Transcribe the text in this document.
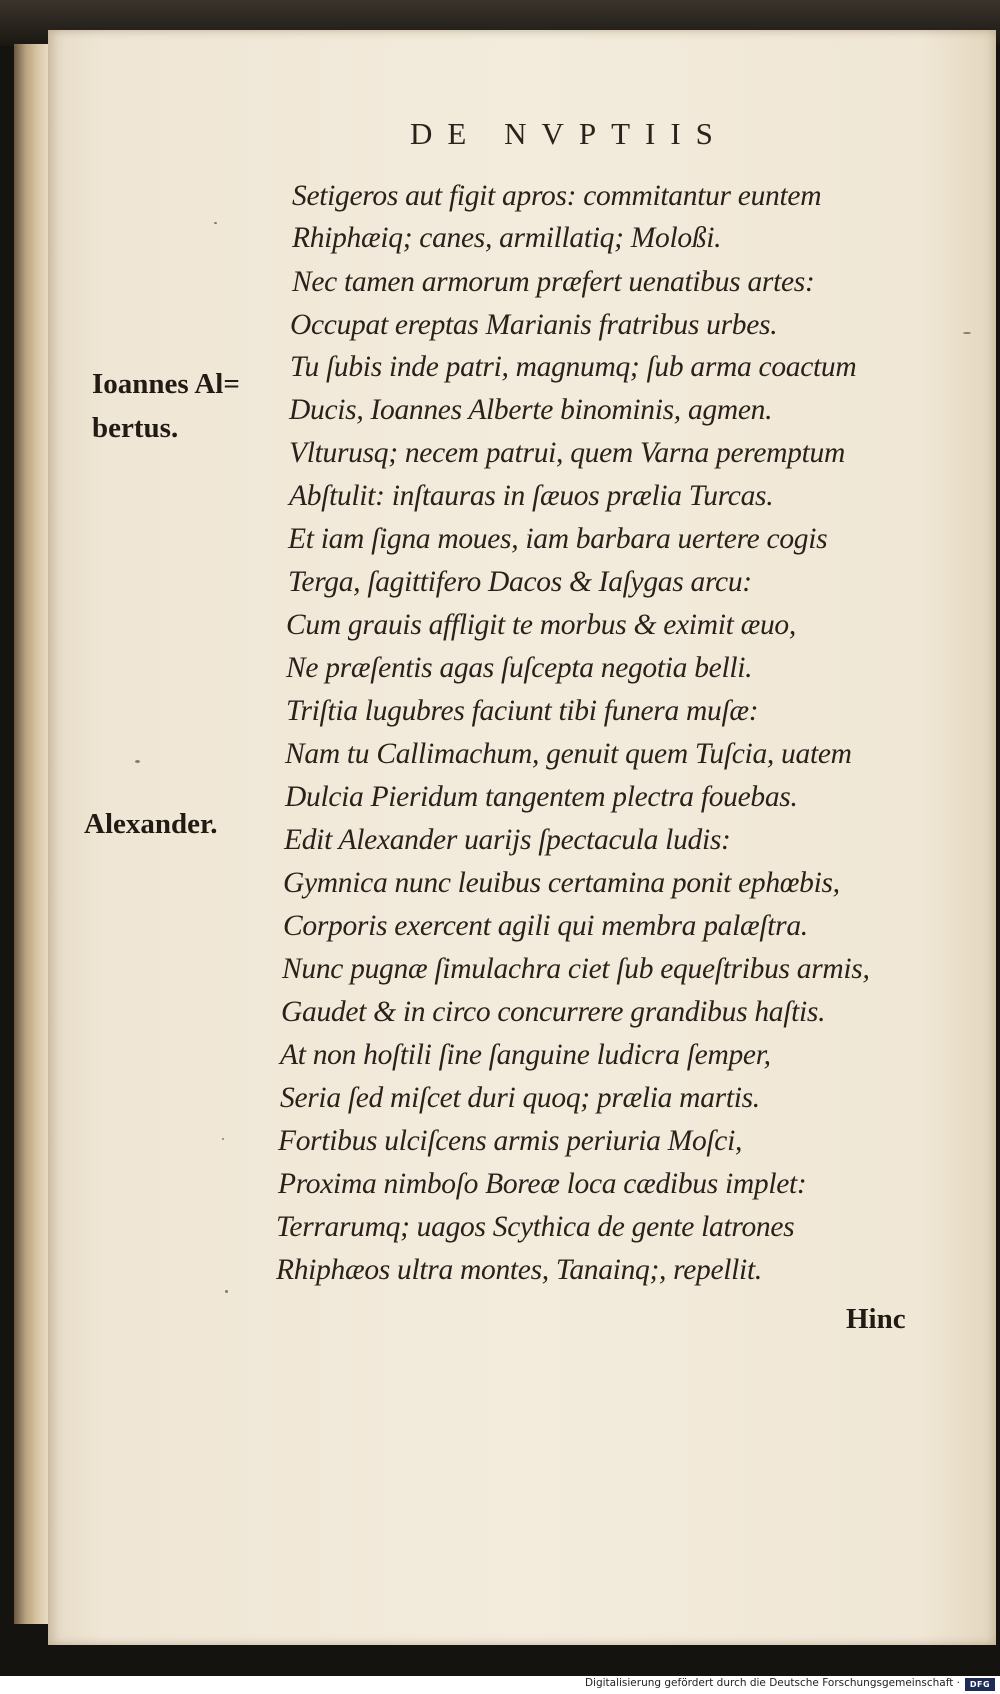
DE NVPTIIS
Setigeros aut figit apros: commitantur euntem
Rhiphæiq; canes, armillatiq; Moloßi.
Nec tamen armorum præfert uenatibus artes:
Occupat ereptas Marianis fratribus urbes.
Tu ſubis inde patri, magnumq; ſub arma coactum
Ducis, Ioannes Alberte binominis, agmen.
Vlturusq; necem patrui, quem Varna peremptum
Abſtulit: inſtauras in ſæuos prælia Turcas.
Et iam ſigna moues, iam barbara uertere cogis
Terga, ſagittifero Dacos & Iaſygas arcu:
Cum grauis affligit te morbus & eximit æuo,
Ne præſentis agas ſuſcepta negotia belli.
Triſtia lugubres faciunt tibi funera muſæ:
Nam tu Callimachum, genuit quem Tuſcia, uatem
Dulcia Pieridum tangentem plectra fouebas.
Edit Alexander uarijs ſpectacula ludis:
Gymnica nunc leuibus certamina ponit ephœbis,
Corporis exercent agili qui membra palæſtra.
Nunc pugnæ ſimulachra ciet ſub equeſtribus armis,
Gaudet & in circo concurrere grandibus haſtis.
At non hoſtili ſine ſanguine ludicra ſemper,
Seria ſed miſcet duri quoq; prælia martis.
Fortibus ulciſcens armis periuria Moſci,
Proxima nimboſo Boreæ loca cædibus implet:
Terrarumq; uagos Scythica de gente latrones
Rhiphæos ultra montes, Tanainq;, repellit.
Ioannes Al=
bertus.
Alexander.
Hinc
Digitalisierung gefördert durch die Deutsche Forschungsgemeinschaft ·	DFG
